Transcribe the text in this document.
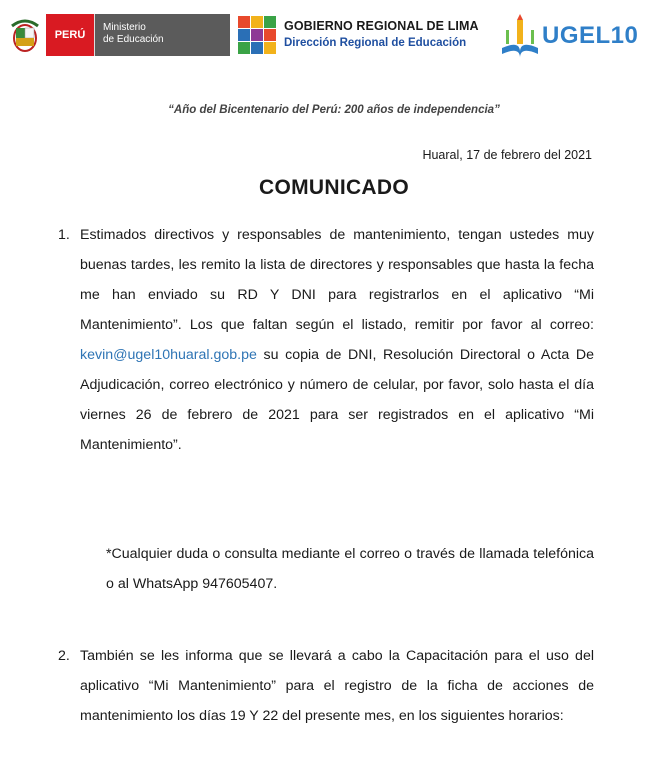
PERÚ
Ministerio
de Educación
GOBIERNO REGIONAL DE LIMA
Dirección Regional de Educación	UGEL10
“Año del Bicentenario del Perú: 200 años de independencia”
Huaral, 17 de febrero del 2021
COMUNICADO
1. Estimados directivos y responsables de mantenimiento, tengan ustedes muy buenas tardes, les remito la lista de directores y responsables que hasta la fecha me han enviado su RD Y DNI para registrarlos en el aplicativo “Mi Mantenimiento”. Los que faltan según el listado, remitir por favor al correo: kevin@ugel10huaral.gob.pe su copia de DNI, Resolución Directoral o Acta De Adjudicación, correo electrónico y número de celular, por favor, solo hasta el día viernes 26 de febrero de 2021 para ser registrados en el aplicativo “Mi Mantenimiento”.
*Cualquier duda o consulta mediante el correo o través de llamada telefónica o al WhatsApp 947605407.
2. También se les informa que se llevará a cabo la Capacitación para el uso del aplicativo “Mi Mantenimiento” para el registro de la ficha de acciones de mantenimiento los días 19 Y 22 del presente mes, en los siguientes horarios:
